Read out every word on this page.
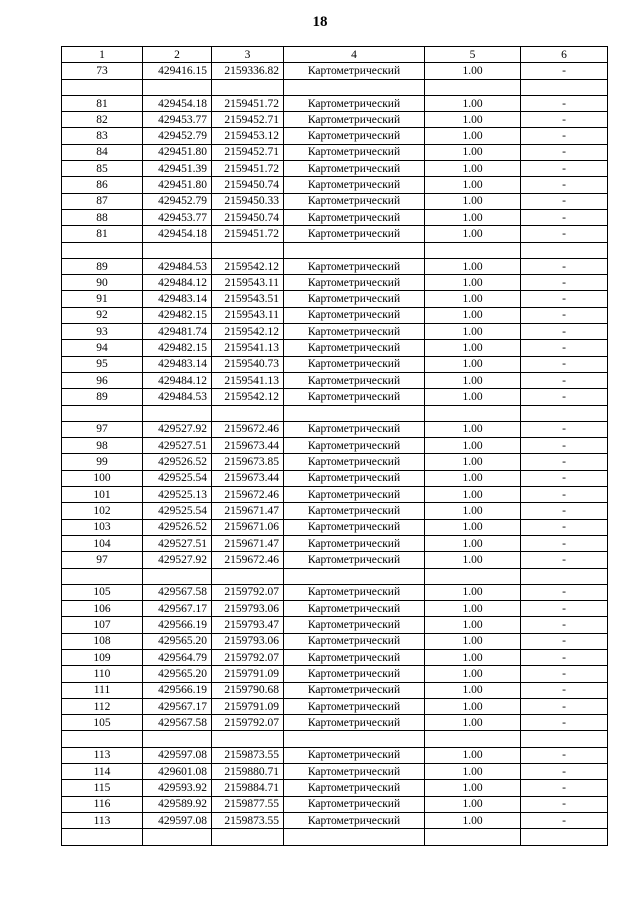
18
1	2	3	4	5	6
73	429416.15	2159336.82	Картометрический	1.00	-

81	429454.18	2159451.72	Картометрический	1.00	-
82	429453.77	2159452.71	Картометрический	1.00	-
83	429452.79	2159453.12	Картометрический	1.00	-
84	429451.80	2159452.71	Картометрический	1.00	-
85	429451.39	2159451.72	Картометрический	1.00	-
86	429451.80	2159450.74	Картометрический	1.00	-
87	429452.79	2159450.33	Картометрический	1.00	-
88	429453.77	2159450.74	Картометрический	1.00	-
81	429454.18	2159451.72	Картометрический	1.00	-

89	429484.53	2159542.12	Картометрический	1.00	-
90	429484.12	2159543.11	Картометрический	1.00	-
91	429483.14	2159543.51	Картометрический	1.00	-
92	429482.15	2159543.11	Картометрический	1.00	-
93	429481.74	2159542.12	Картометрический	1.00	-
94	429482.15	2159541.13	Картометрический	1.00	-
95	429483.14	2159540.73	Картометрический	1.00	-
96	429484.12	2159541.13	Картометрический	1.00	-
89	429484.53	2159542.12	Картометрический	1.00	-

97	429527.92	2159672.46	Картометрический	1.00	-
98	429527.51	2159673.44	Картометрический	1.00	-
99	429526.52	2159673.85	Картометрический	1.00	-
100	429525.54	2159673.44	Картометрический	1.00	-
101	429525.13	2159672.46	Картометрический	1.00	-
102	429525.54	2159671.47	Картометрический	1.00	-
103	429526.52	2159671.06	Картометрический	1.00	-
104	429527.51	2159671.47	Картометрический	1.00	-
97	429527.92	2159672.46	Картометрический	1.00	-

105	429567.58	2159792.07	Картометрический	1.00	-
106	429567.17	2159793.06	Картометрический	1.00	-
107	429566.19	2159793.47	Картометрический	1.00	-
108	429565.20	2159793.06	Картометрический	1.00	-
109	429564.79	2159792.07	Картометрический	1.00	-
110	429565.20	2159791.09	Картометрический	1.00	-
111	429566.19	2159790.68	Картометрический	1.00	-
112	429567.17	2159791.09	Картометрический	1.00	-
105	429567.58	2159792.07	Картометрический	1.00	-

113	429597.08	2159873.55	Картометрический	1.00	-
114	429601.08	2159880.71	Картометрический	1.00	-
115	429593.92	2159884.71	Картометрический	1.00	-
116	429589.92	2159877.55	Картометрический	1.00	-
113	429597.08	2159873.55	Картометрический	1.00	-
